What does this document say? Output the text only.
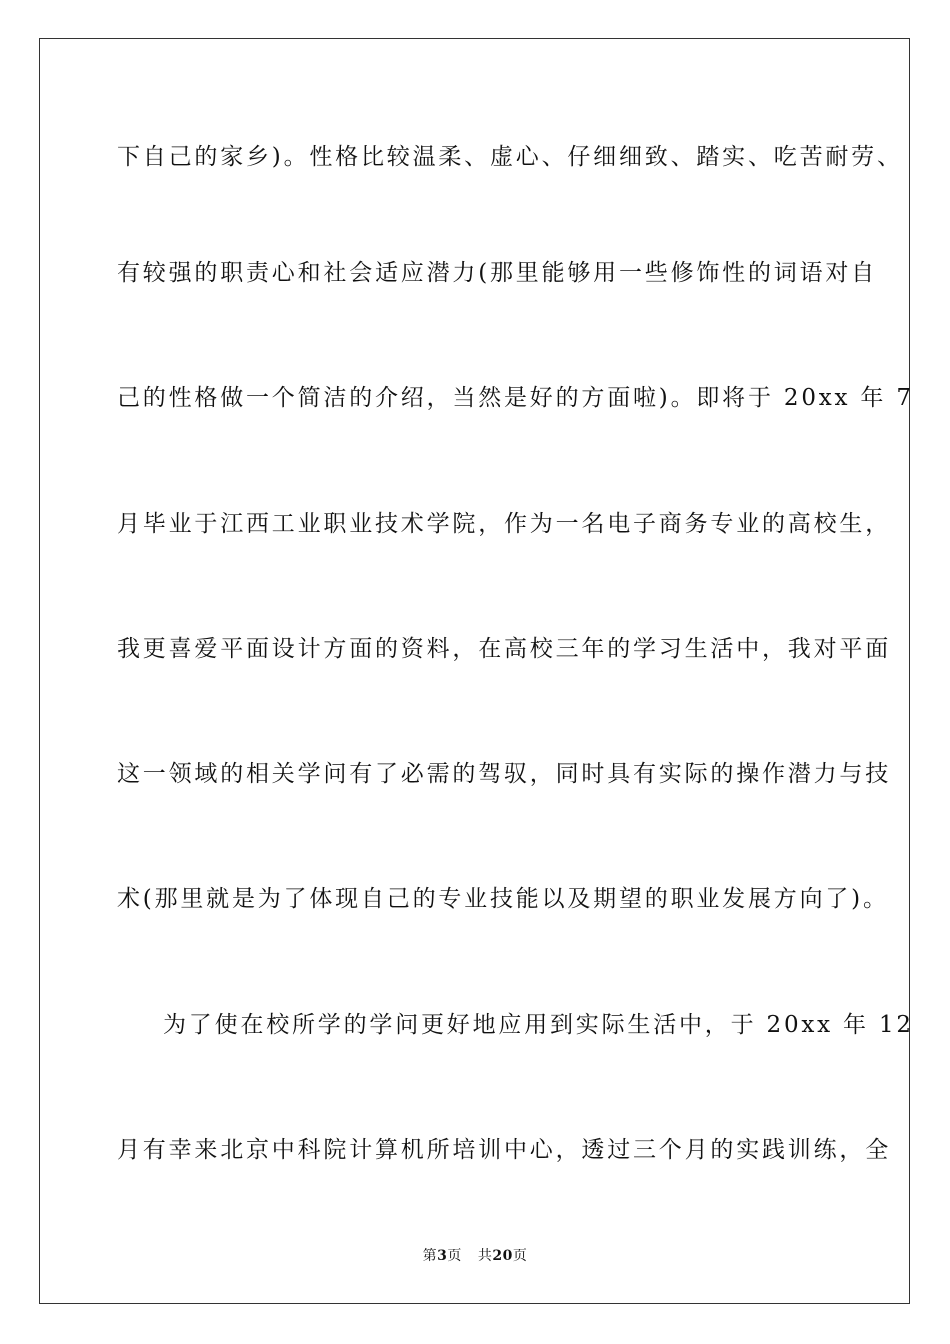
下自己的家乡)。性格比较温柔、虚心、仔细细致、踏实、吃苦耐劳、
有较强的职责心和社会适应潜力(那里能够用一些修饰性的词语对自
己的性格做一个简洁的介绍，当然是好的方面啦)。即将于 20xx 年 7
月毕业于江西工业职业技术学院，作为一名电子商务专业的高校生，
我更喜爱平面设计方面的资料，在高校三年的学习生活中，我对平面
这一领域的相关学问有了必需的驾驭，同时具有实际的操作潜力与技
术(那里就是为了体现自己的专业技能以及期望的职业发展方向了)。
为了使在校所学的学问更好地应用到实际生活中，于 20xx 年 12
月有幸来北京中科院计算机所培训中心，透过三个月的实践训练，全
第3页 共20页
